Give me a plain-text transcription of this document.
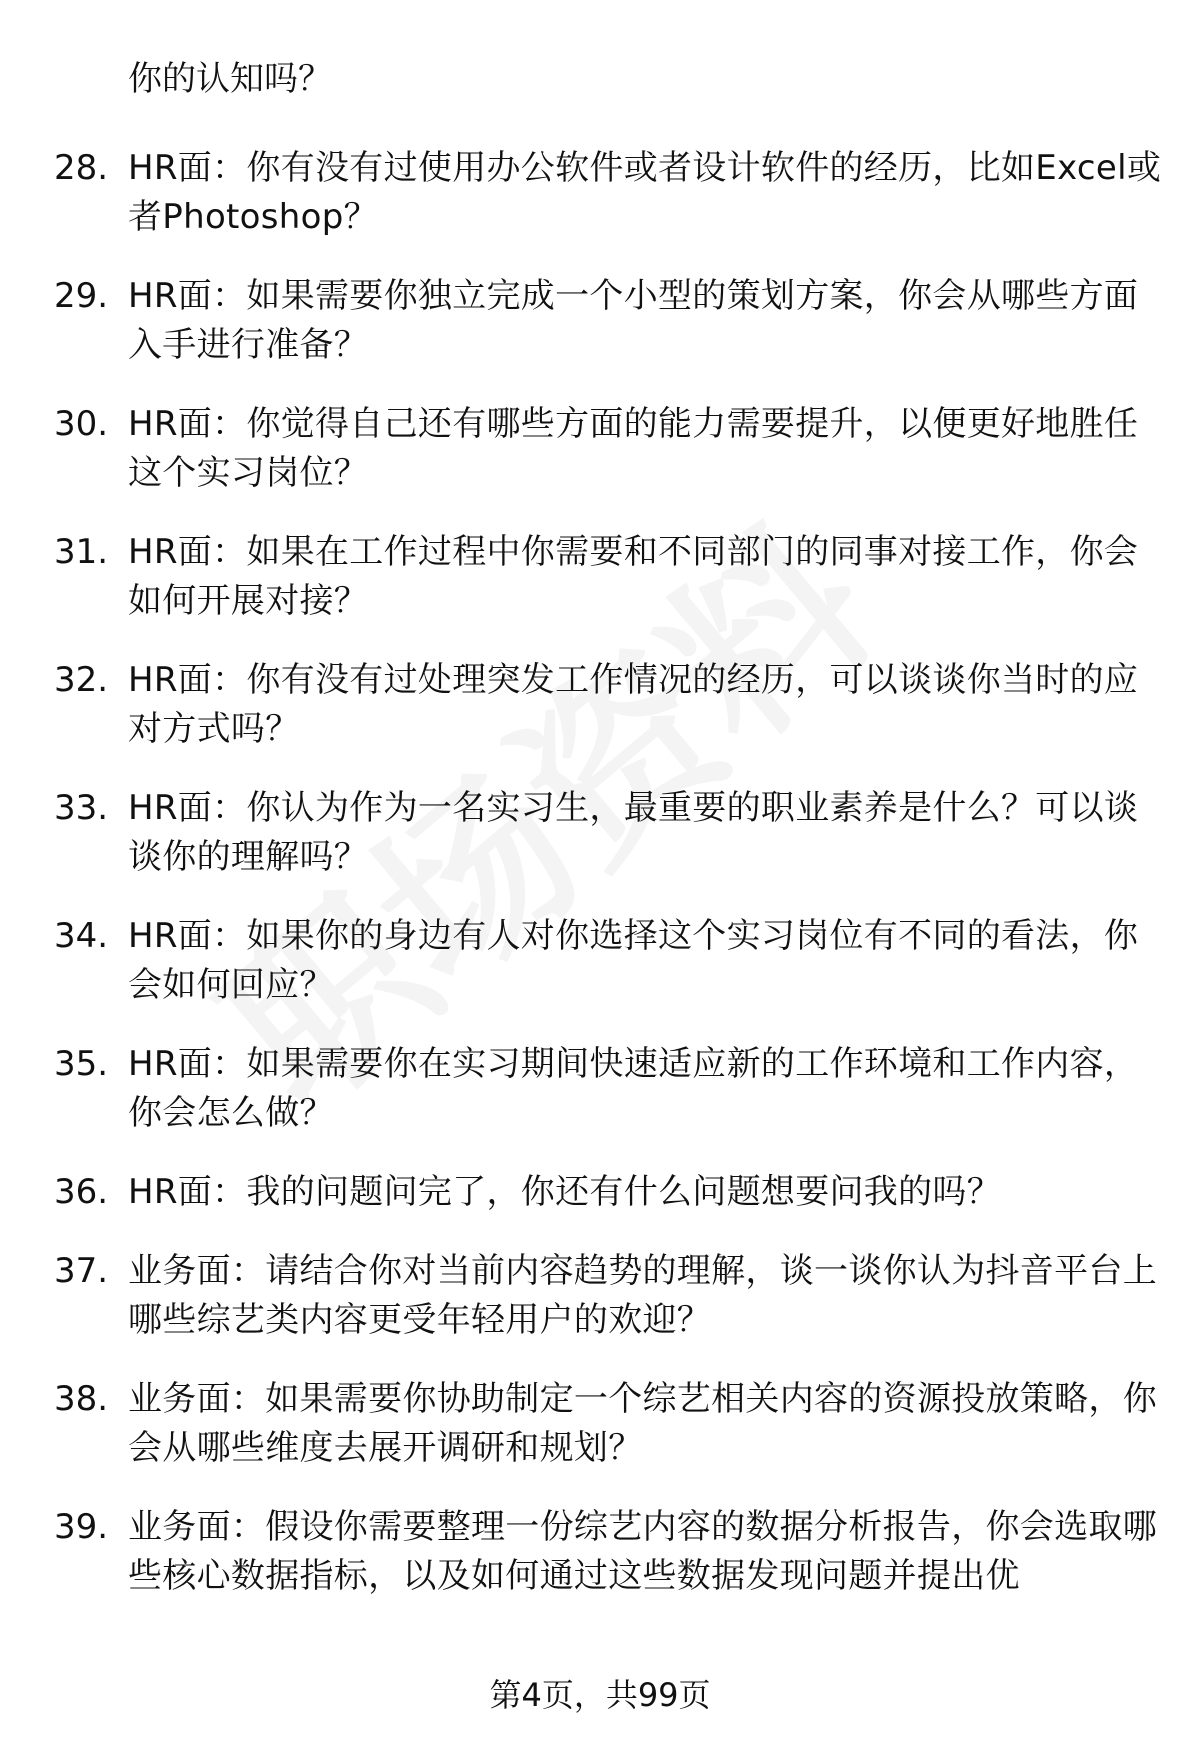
你的认知吗？
28. HR面：你有没有过使用办公软件或者设计软件的经历，比如Excel或者Photoshop？
29. HR面：如果需要你独立完成一个小型的策划方案，你会从哪些方面入手进行准备？
30. HR面：你觉得自己还有哪些方面的能力需要提升，以便更好地胜任这个实习岗位？
31. HR面：如果在工作过程中你需要和不同部门的同事对接工作，你会如何开展对接？
32. HR面：你有没有过处理突发工作情况的经历，可以谈谈你当时的应对方式吗？
33. HR面：你认为作为一名实习生，最重要的职业素养是什么？可以谈谈你的理解吗？
34. HR面：如果你的身边有人对你选择这个实习岗位有不同的看法，你会如何回应？
35. HR面：如果需要你在实习期间快速适应新的工作环境和工作内容，你会怎么做？
36. HR面：我的问题问完了，你还有什么问题想要问我的吗？
37. 业务面：请结合你对当前内容趋势的理解，谈一谈你认为抖音平台上哪些综艺类内容更受年轻用户的欢迎？
38. 业务面：如果需要你协助制定一个综艺相关内容的资源投放策略，你会从哪些维度去展开调研和规划？
39. 业务面：假设你需要整理一份综艺内容的数据分析报告，你会选取哪些核心数据指标，以及如何通过这些数据发现问题并提出优
第4页，共99页
